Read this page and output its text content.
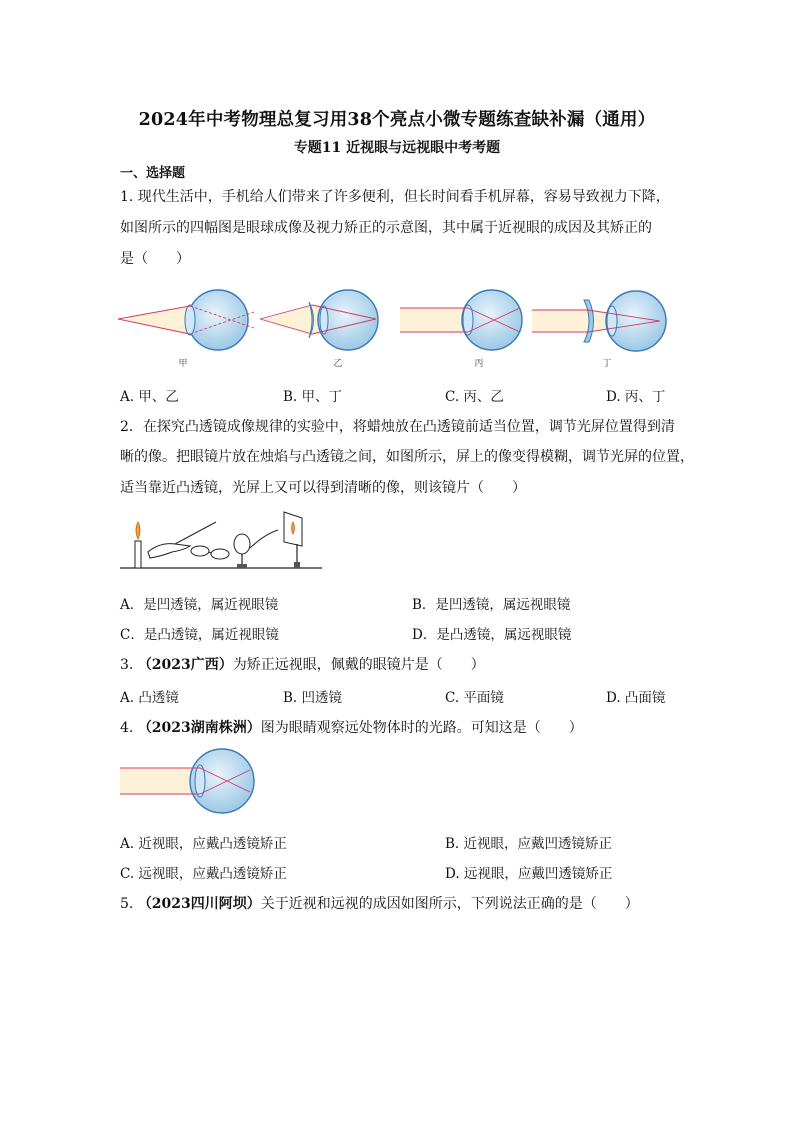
2024年中考物理总复习用38个亮点小微专题练查缺补漏（通用）
专题11 近视眼与远视眼中考考题
一、选择题
1. 现代生活中，手机给人们带来了许多便利，但长时间看手机屏幕，容易导致视力下降，
如图所示的四幅图是眼球成像及视力矫正的示意图，其中属于近视眼的成因及其矫正的
是（　　）
甲	乙	丙	丁
A. 甲、乙	B. 甲、丁	C. 丙、乙	D. 丙、丁
2．在探究凸透镜成像规律的实验中，将蜡烛放在凸透镜前适当位置，调节光屏位置得到清
晰的像。把眼镜片放在烛焰与凸透镜之间，如图所示，屏上的像变得模糊，调节光屏的位置，
适当靠近凸透镜，光屏上又可以得到清晰的像，则该镜片（　　）
A．是凹透镜，属近视眼镜	B．是凹透镜，属远视眼镜
C．是凸透镜，属近视眼镜	D．是凸透镜，属远视眼镜
3. （2023广西）为矫正远视眼，佩戴的眼镜片是（　　）
A. 凸透镜	B. 凹透镜	C. 平面镜	D. 凸面镜
4. （2023湖南株洲）图为眼睛观察远处物体时的光路。可知这是（　　）
A. 近视眼，应戴凸透镜矫正	B. 近视眼，应戴凹透镜矫正
C. 远视眼，应戴凸透镜矫正	D. 远视眼，应戴凹透镜矫正
5. （2023四川阿坝）关于近视和远视的成因如图所示，下列说法正确的是（　　）
